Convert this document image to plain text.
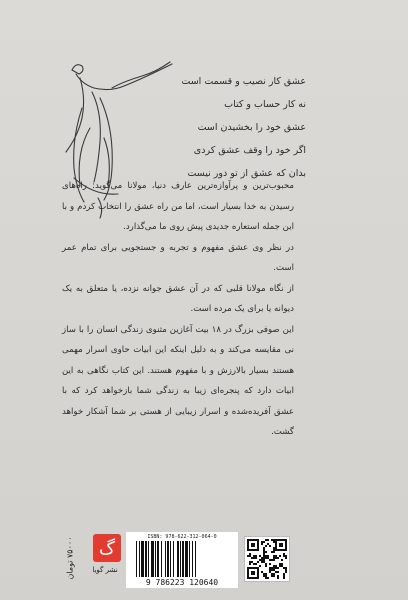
عشق کار نصیب و قسمت است
نه کار حساب و کتاب
عشق خود را بخشیدن است
اگر خود را وقف عشق کردی
بدان که عشق از تو دور نیست

محبوب‌ترین و پرآوازه‌ترین عارف دنیا، مولانا می‌گوید: راه‌های رسیدن به خدا بسیار است، اما من راه عشق را انتخاب کردم و با این جمله استعاره جدیدی پیش روی ما می‌گذارد.

در نظر وی عشق مفهوم و تجربه و جستجویی برای تمام عمر است.

از نگاه مولانا قلبی که در آن عشق جوانه نزده، یا متعلق به یک دیوانه یا برای یک مرده است.

این صوفی بزرگ در ۱۸ بیت آغازین مثنوی زندگی انسان را با ساز نی مقایسه می‌کند و به دلیل اینکه این ابیات حاوی اسرار مهمی هستند بسیار بالارزش و با مفهوم هستند. این کتاب نگاهی به این ابیات دارد که پنجره‌ای زیبا به زندگی شما بازخواهد کرد که با عشق آفریده‌شده و اسرار زیبایی از هستی بر شما آشکار خواهد گشت.

۷۵۰۰۰ تومان گ
نشر گویا
ISBN: 978-622-312-064-0
9 786223 120640
